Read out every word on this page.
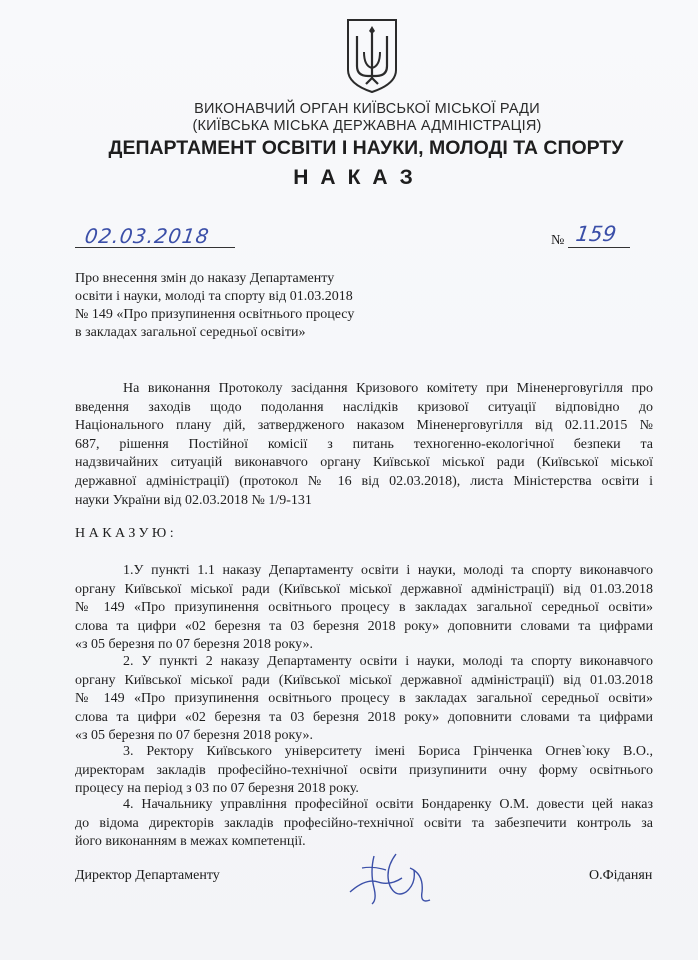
ВИКОНАВЧИЙ ОРГАН КИЇВСЬКОЇ МІСЬКОЇ РАДИ
(КИЇВСЬКА МІСЬКА ДЕРЖАВНА АДМІНІСТРАЦІЯ)
ДЕПАРТАМЕНТ ОСВІТИ І НАУКИ, МОЛОДІ ТА СПОРТУ
НАКАЗ
02.03.2018	№ 159
Про внесення змін до наказу Департаменту
освіти і науки, молоді та спорту від 01.03.2018
№ 149 «Про призупинення освітнього процесу
в закладах загальної середньої освіти»
На виконання Протоколу засідання Кризового комітету при Міненерговугілля про
введення заходів щодо подолання наслідків кризової ситуації відповідно до
Національного плану дій, затвердженого наказом Міненерговугілля від 02.11.2015 №
687, рішення Постійної комісії з питань техногенно-екологічної безпеки та
надзвичайних ситуацій виконавчого органу Київської міської ради (Київської міської
державної адміністрації) (протокол № 16 від 02.03.2018), листа Міністерства освіти і
науки України від 02.03.2018 № 1/9-131
НАКАЗУЮ:
1.У пункті 1.1 наказу Департаменту освіти і науки, молоді та спорту виконавчого
органу Київської міської ради (Київської міської державної адміністрації) від 01.03.2018
№ 149 «Про призупинення освітнього процесу в закладах загальної середньої освіти»
слова та цифри «02 березня та 03 березня 2018 року» доповнити словами та цифрами
«з 05 березня по 07 березня 2018 року».
2. У пункті 2 наказу Департаменту освіти і науки, молоді та спорту виконавчого
органу Київської міської ради (Київської міської державної адміністрації) від 01.03.2018
№ 149 «Про призупинення освітнього процесу в закладах загальної середньої освіти»
слова та цифри «02 березня та 03 березня 2018 року» доповнити словами та цифрами
«з 05 березня по 07 березня 2018 року».
3. Ректору Київського університету імені Бориса Грінченка Огнев`юку В.О.,
директорам закладів професійно-технічної освіти призупинити очну форму освітнього
процесу на період з 03 по 07 березня 2018 року.
4. Начальнику управління професійної освіти Бондаренку О.М. довести цей наказ
до відома директорів закладів професійно-технічної освіти та забезпечити контроль за
його виконанням в межах компетенції.
Директор Департаменту	О.Фіданян
